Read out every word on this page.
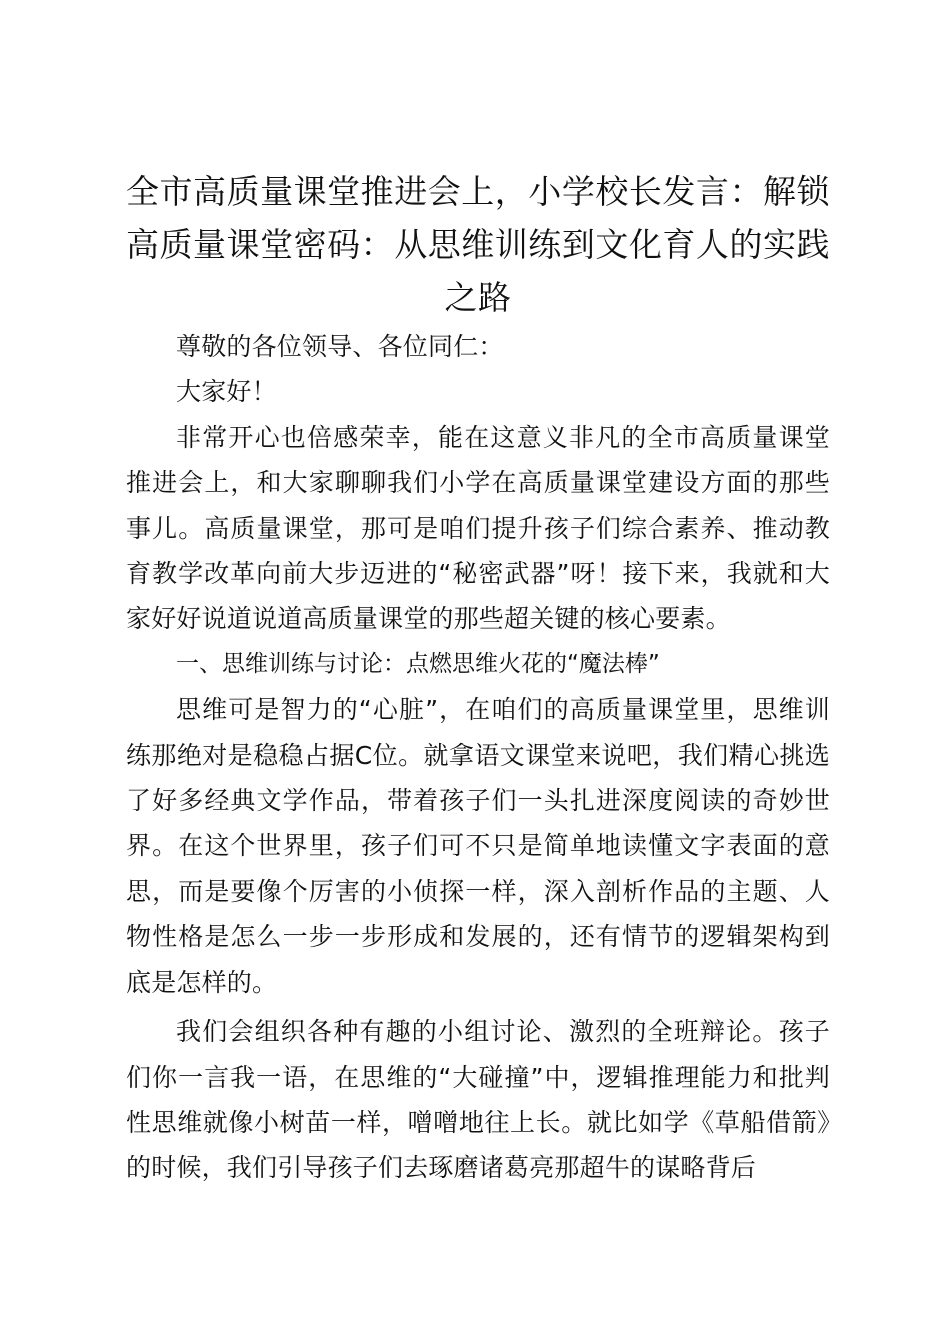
全市高质量课堂推进会上，小学校长发言：解锁高质量课堂密码：从思维训练到文化育人的实践之路

尊敬的各位领导、各位同仁：

大家好！

非常开心也倍感荣幸，能在这意义非凡的全市高质量课堂推进会上，和大家聊聊我们小学在高质量课堂建设方面的那些事儿。高质量课堂，那可是咱们提升孩子们综合素养、推动教育教学改革向前大步迈进的“秘密武器”呀！接下来，我就和大家好好说道说道高质量课堂的那些超关键的核心要素。

一、思维训练与讨论：点燃思维火花的“魔法棒”

思维可是智力的“心脏”，在咱们的高质量课堂里，思维训练那绝对是稳稳占据C位。就拿语文课堂来说吧，我们精心挑选了好多经典文学作品，带着孩子们一头扎进深度阅读的奇妙世界。在这个世界里，孩子们可不只是简单地读懂文字表面的意思，而是要像个厉害的小侦探一样，深入剖析作品的主题、人物性格是怎么一步一步形成和发展的，还有情节的逻辑架构到底是怎样的。

我们会组织各种有趣的小组讨论、激烈的全班辩论。孩子们你一言我一语，在思维的“大碰撞”中，逻辑推理能力和批判性思维就像小树苗一样，噌噌地往上长。就比如学《草船借箭》的时候，我们引导孩子们去琢磨诸葛亮那超牛的谋略背后
